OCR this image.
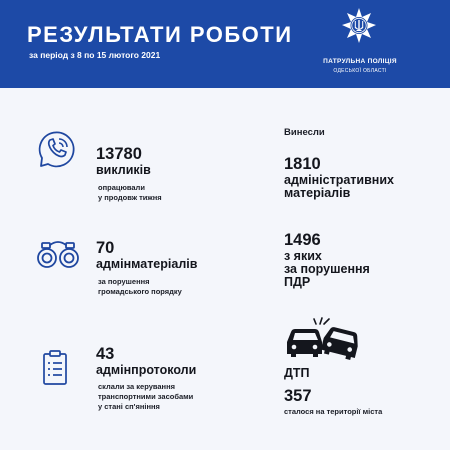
РЕЗУЛЬТАТИ РОБОТИ
за період з 8 по 15 лютого 2021
ПАТРУЛЬНА ПОЛІЦІЯ
ОДЕСЬКОЇ ОБЛАСТІ
13780
викликів
опрацювали
у продовж тижня
70
адмінматеріалів
за порушення
громадського порядку
43
адмінпротоколи
склали за керування
транспортними засобами
у стані сп'яніння
Винесли
1810
адміністративних
матеріалів
1496
з яких
за порушення
ПДР
ДТП
357
сталося на території міста
